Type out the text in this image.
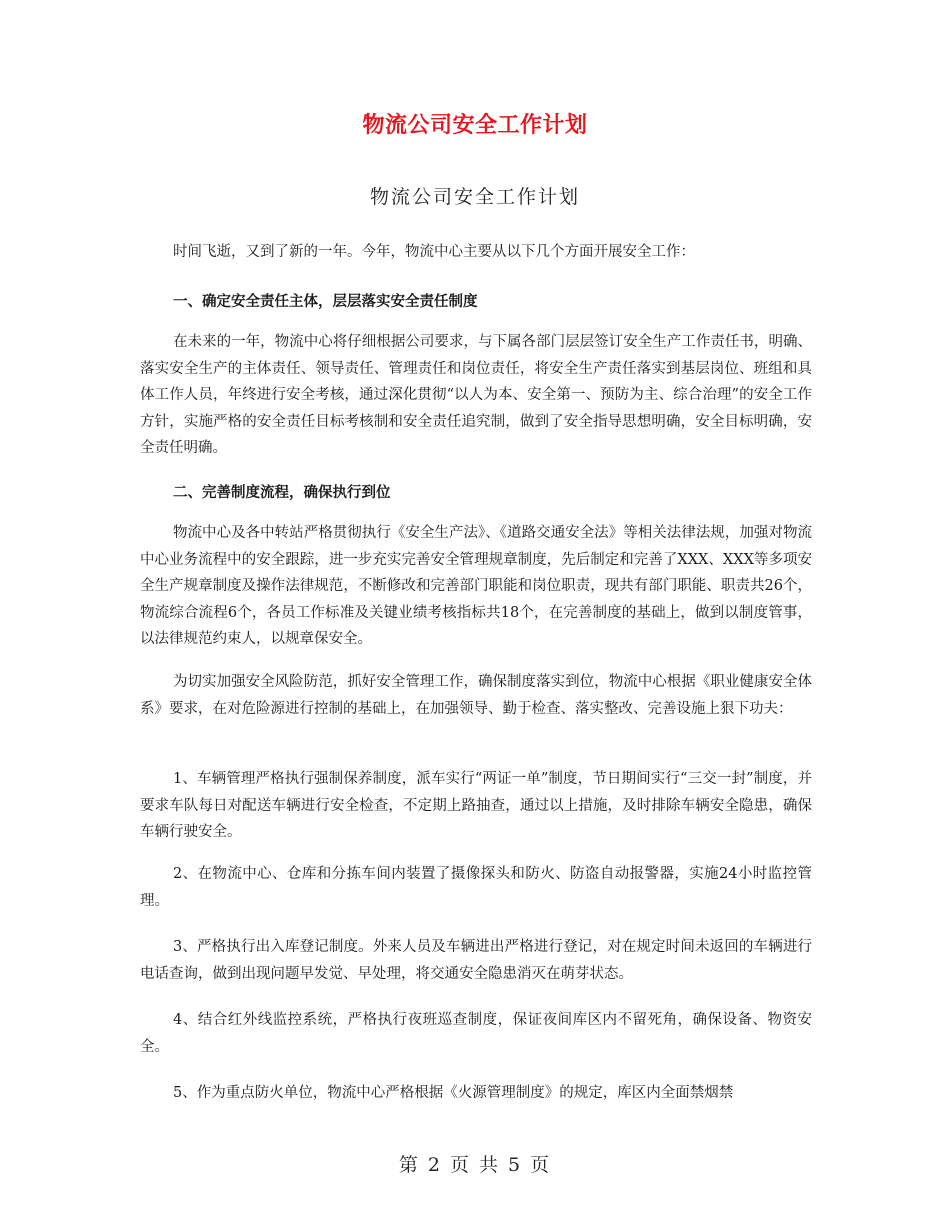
物流公司安全工作计划
物流公司安全工作计划

时间飞逝，又到了新的一年。今年，物流中心主要从以下几个方面开展安全工作：

一、确定安全责任主体，层层落实安全责任制度

在未来的一年，物流中心将仔细根据公司要求，与下属各部门层层签订安全生产工作责任书，明确、落实安全生产的主体责任、领导责任、管理责任和岗位责任，将安全生产责任落实到基层岗位、班组和具体工作人员，年终进行安全考核，通过深化贯彻“以人为本、安全第一、预防为主、综合治理”的安全工作方针，实施严格的安全责任目标考核制和安全责任追究制，做到了安全指导思想明确，安全目标明确，安全责任明确。

二、完善制度流程，确保执行到位

物流中心及各中转站严格贯彻执行《安全生产法》、《道路交通安全法》等相关法律法规，加强对物流中心业务流程中的安全跟踪，进一步充实完善安全管理规章制度，先后制定和完善了XXX、XXX等多项安全生产规章制度及操作法律规范，不断修改和完善部门职能和岗位职责，现共有部门职能、职责共26个，物流综合流程6个，各员工作标准及关键业绩考核指标共18个，在完善制度的基础上，做到以制度管事，以法律规范约束人，以规章保安全。

为切实加强安全风险防范，抓好安全管理工作，确保制度落实到位，物流中心根据《职业健康安全体系》要求，在对危险源进行控制的基础上，在加强领导、勤于检查、落实整改、完善设施上狠下功夫：

1、车辆管理严格执行强制保养制度，派车实行“两证一单”制度，节日期间实行“三交一封”制度，并要求车队每日对配送车辆进行安全检查，不定期上路抽查，通过以上措施，及时排除车辆安全隐患，确保车辆行驶安全。

2、在物流中心、仓库和分拣车间内装置了摄像探头和防火、防盗自动报警器，实施24小时监控管理。

3、严格执行出入库登记制度。外来人员及车辆进出严格进行登记，对在规定时间未返回的车辆进行电话查询，做到出现问题早发觉、早处理，将交通安全隐患消灭在萌芽状态。

4、结合红外线监控系统，严格执行夜班巡查制度，保证夜间库区内不留死角，确保设备、物资安全。

5、作为重点防火单位，物流中心严格根据《火源管理制度》的规定，库区内全面禁烟禁

第 2 页 共 5 页
